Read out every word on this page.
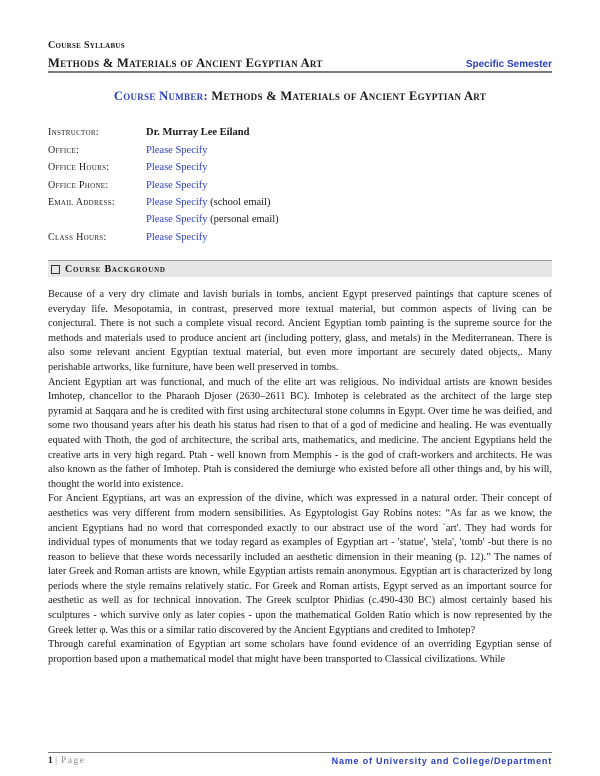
Course Syllabus
Methods & Materials of Ancient Egyptian Art	Specific Semester
Course Number: Methods & Materials of Ancient Egyptian Art
Instructor:	Dr. Murray Lee Eiland
Office:	Please Specify
Office Hours:	Please Specify
Office Phone:	Please Specify
Email Address:	Please Specify (school email)
Please Specify (personal email)
Class Hours:	Please Specify
Course Background

Because of a very dry climate and lavish burials in tombs, ancient Egypt preserved paintings that capture scenes of everyday life. Mesopotamia, in contrast, preserved more textual material, but common aspects of living can be conjectural. There is not such a complete visual record. Ancient Egyptian tomb painting is the supreme source for the methods and materials used to produce ancient art (including pottery, glass, and metals) in the Mediterranean. There is also some relevant ancient Egyptian textual material, but even more important are securely dated objects,. Many perishable artworks, like furniture, have been well preserved in tombs.

Ancient Egyptian art was functional, and much of the elite art was religious. No individual artists are known besides Imhotep, chancellor to the Pharaoh Djoser (2630–2611 BC). Imhotep is celebrated as the architect of the large step pyramid at Saqqara and he is credited with first using architectural stone columns in Egypt. Over time he was deified, and some two thousand years after his death his status had risen to that of a god of medicine and healing. He was eventually equated with Thoth, the god of architecture, the scribal arts, mathematics, and medicine. The ancient Egyptians held the creative arts in very high regard. Ptah - well known from Memphis - is the god of craft-workers and architects. He was also known as the father of Imhotep. Ptah is considered the demiurge who existed before all other things and, by his will, thought the world into existence.

For Ancient Egyptians, art was an expression of the divine, which was expressed in a natural order. Their concept of aesthetics was very different from modern sensibilities. As Egyptologist Gay Robins notes: “As far as we know, the ancient Egyptians had no word that corresponded exactly to our abstract use of the word `art'. They had words for individual types of monuments that we today regard as examples of Egyptian art - 'statue', 'stela', 'tomb' -but there is no reason to believe that these words necessarily included an aesthetic dimension in their meaning (p. 12).” The names of later Greek and Roman artists are known, while Egyptian artists remain anonymous. Egyptian art is characterized by long periods where the style remains relatively static. For Greek and Roman artists, Egypt served as an important source for aesthetic as well as for technical innovation. The Greek sculptor Phidias (c.490-430 BC) almost certainly based his sculptures - which survive only as later copies - upon the mathematical Golden Ratio which is now represented by the Greek letter φ. Was this or a similar ratio discovered by the Ancient Egyptians and credited to Imhotep?

Through careful examination of Egyptian art some scholars have found evidence of an overriding Egyptian sense of proportion based upon a mathematical model that might have been transported to Classical civilizations. While

1 | Page	Name of University and College/Department
